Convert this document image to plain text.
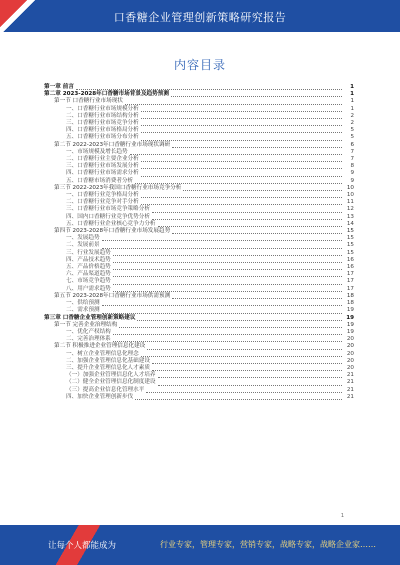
口香糖企业管理创新策略研究报告
内容目录
第一章 前言	1
第二章 2023-2028年口香糖市场背景及趋势预测	1
第一节 口香糖行业市场现状	1
一、口香糖行业市场规模分析	1
二、口香糖行业市场结构分析	2
三、口香糖行业市场竞争分析	2
四、口香糖行业市场格局分析	5
五、口香糖行业市场分布分析	5
第二节 2022-2023年口香糖行业市场现状调研	6
一、市场规模及增长趋势	7
二、口香糖行业主要企业分析	7
三、口香糖行业市场发展分析	8
四、口香糖行业市场需求分析	9
五、口香糖市场消费者分析	9
第三节 2022-2023年我国口香糖行业市场竞争分析	10
一、口香糖行业竞争格局分析	10
二、口香糖行业竞争对手分析	11
三、口香糖行业市场竞争策略分析	12
四、国内口香糖行业竞争优势分析	13
五、口香糖行业企业核心竞争力分析	14
第四节 2023-2028年口香糖行业市场发展趋势	15
一、发展趋势	15
二、发展前景	15
三、行业发展趋势	15
四、产品技术趋势	16
五、产品价格趋势	16
六、产品渠道趋势	17
七、市场竞争趋势	17
八、用户需求趋势	17
第五节 2023-2028年口香糖行业市场供需预测	18
一、供给预测	18
二、需求预测	19
第三章 口香糖企业管理创新策略建议	19
第一节 完善企业治理结构	19
一、优化产权结构	19
二、完善治理体系	20
第二节 积极推进企业管理信息化建设	20
一、树立企业管理信息化理念	20
二、加强企业管理信息化基础建设	20
三、提升企业管理信息化人才素质	20
（一）加强企业管理信息化人才培养	21
（二）健全企业管理信息化制度建设	21
（三）提高企业信息化管理水平	21
四、加快企业管理创新步伐	21
1
让每个人都能成为	行业专家，管理专家，营销专家，战略专家，战略企业家……
